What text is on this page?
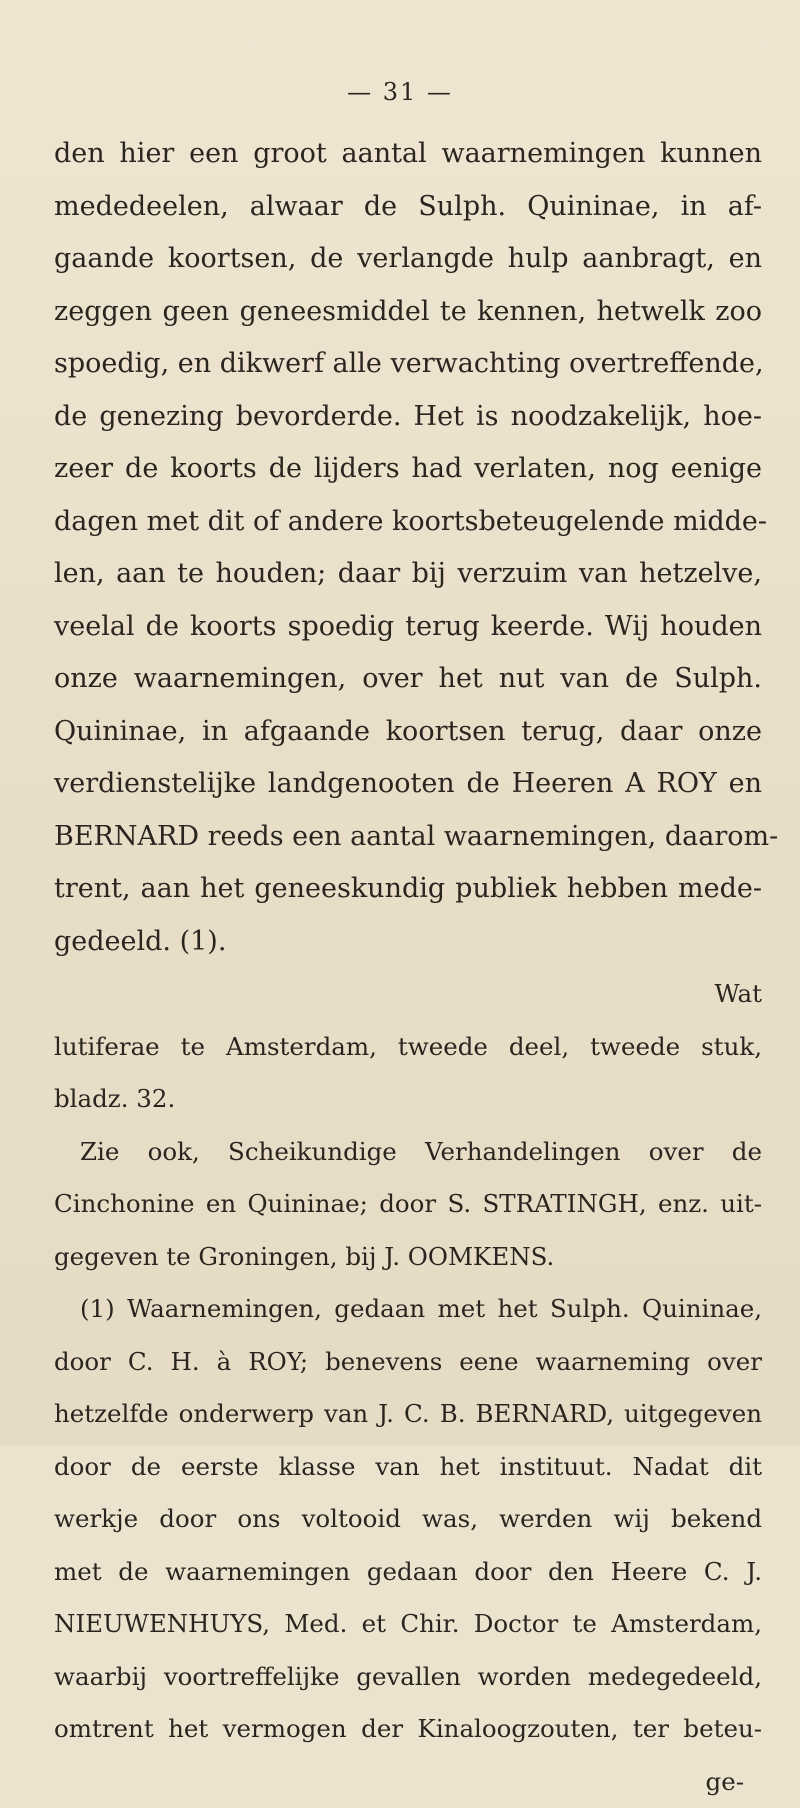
— 31 —
den hier een groot aantal waarnemingen kunnen
mededeelen, alwaar de Sulph. Quininae, in af-
gaande koortsen, de verlangde hulp aanbragt, en
zeggen geen geneesmiddel te kennen, hetwelk zoo
spoedig, en dikwerf alle verwachting overtreffende,
de genezing bevorderde. Het is noodzakelijk, hoe-
zeer de koorts de lijders had verlaten, nog eenige
dagen met dit of andere koortsbeteugelende midde-
len, aan te houden; daar bij verzuim van hetzelve,
veelal de koorts spoedig terug keerde. Wij houden
onze waarnemingen, over het nut van de Sulph.
Quininae, in afgaande koortsen terug, daar onze
verdienstelijke landgenooten de Heeren A ROY en
BERNARD reeds een aantal waarnemingen, daarom-
trent, aan het geneeskundig publiek hebben mede-
gedeeld. (1).
Wat
lutiferae te Amsterdam, tweede deel, tweede stuk,
bladz. 32.
Zie ook, Scheikundige Verhandelingen over de
Cinchonine en Quininae; door S. STRATINGH, enz. uit-
gegeven te Groningen, bij J. OOMKENS.
(1) Waarnemingen, gedaan met het Sulph. Quininae,
door C. H. à ROY; benevens eene waarneming over
hetzelfde onderwerp van J. C. B. BERNARD, uitgegeven
door de eerste klasse van het instituut. Nadat dit
werkje door ons voltooid was, werden wij bekend
met de waarnemingen gedaan door den Heere C. J.
NIEUWENHUYS, Med. et Chir. Doctor te Amsterdam,
waarbij voortreffelijke gevallen worden medegedeeld,
omtrent het vermogen der Kinaloogzouten, ter beteu-
ge-
